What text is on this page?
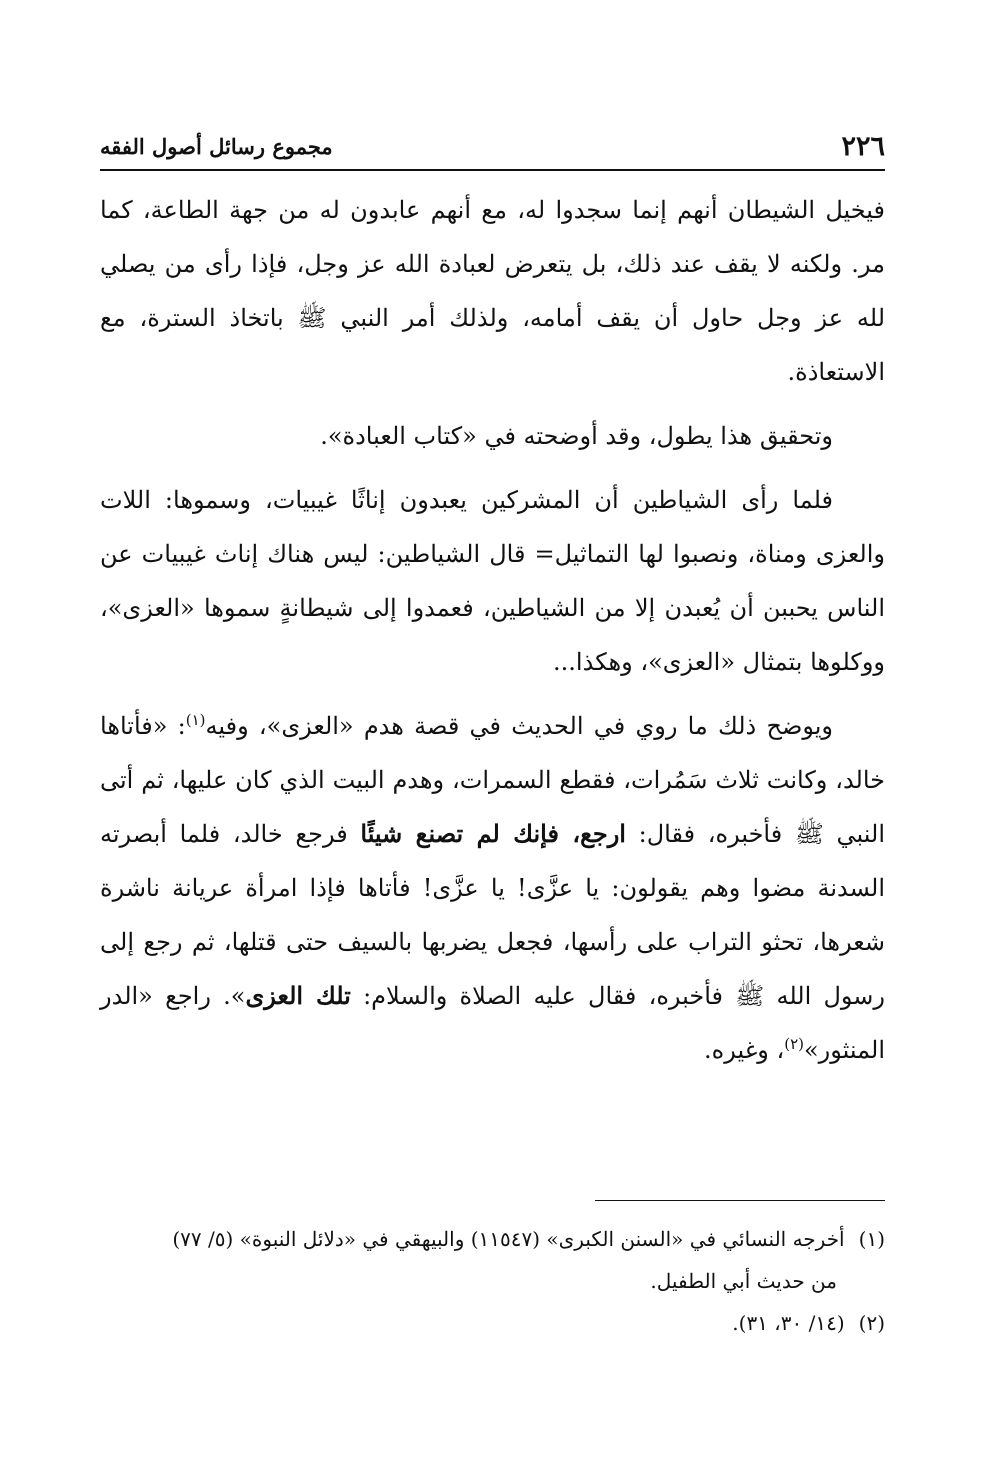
٢٢٦
مجموع رسائل أصول الفقه

فيخيل الشيطان أنهم إنما سجدوا له، مع أنهم عابدون له من جهة الطاعة، كما مر. ولكنه لا يقف عند ذلك، بل يتعرض لعبادة الله عز وجل، فإذا رأى من يصلي لله عز وجل حاول أن يقف أمامه، ولذلك أمر النبي ﷺ باتخاذ السترة، مع الاستعاذة.

وتحقيق هذا يطول، وقد أوضحته في «كتاب العبادة».

فلما رأى الشياطين أن المشركين يعبدون إناثًا غيبيات، وسموها: اللات والعزى ومناة، ونصبوا لها التماثيل= قال الشياطين: ليس هناك إناث غيبيات عن الناس يحببن أن يُعبدن إلا من الشياطين، فعمدوا إلى شيطانةٍ سموها «العزى»، ووكلوها بتمثال «العزى»، وهكذا...

ويوضح ذلك ما روي في الحديث في قصة هدم «العزى»، وفيه$^{(١)}$: «فأتاها خالد، وكانت ثلاث سَمُرات، فقطع السمرات، وهدم البيت الذي كان عليها، ثم أتى النبي ﷺ فأخبره، فقال: ارجع، فإنك لم تصنع شيئًا فرجع خالد، فلما أبصرته السدنة مضوا وهم يقولون: يا عزَّى! يا عزَّى! فأتاها فإذا امرأة عريانة ناشرة شعرها، تحثو التراب على رأسها، فجعل يضربها بالسيف حتى قتلها، ثم رجع إلى رسول الله ﷺ فأخبره، فقال عليه الصلاة والسلام: تلك العزى». راجع «الدر المنثور»$^{(٢)}$، وغيره.

(١)أخرجه النسائي في «السنن الكبرى» (١١٥٤٧) والبيهقي في «دلائل النبوة» (٥/ ٧٧)

من حديث أبي الطفيل.

(٢)(١٤/ ٣٠، ٣١).
